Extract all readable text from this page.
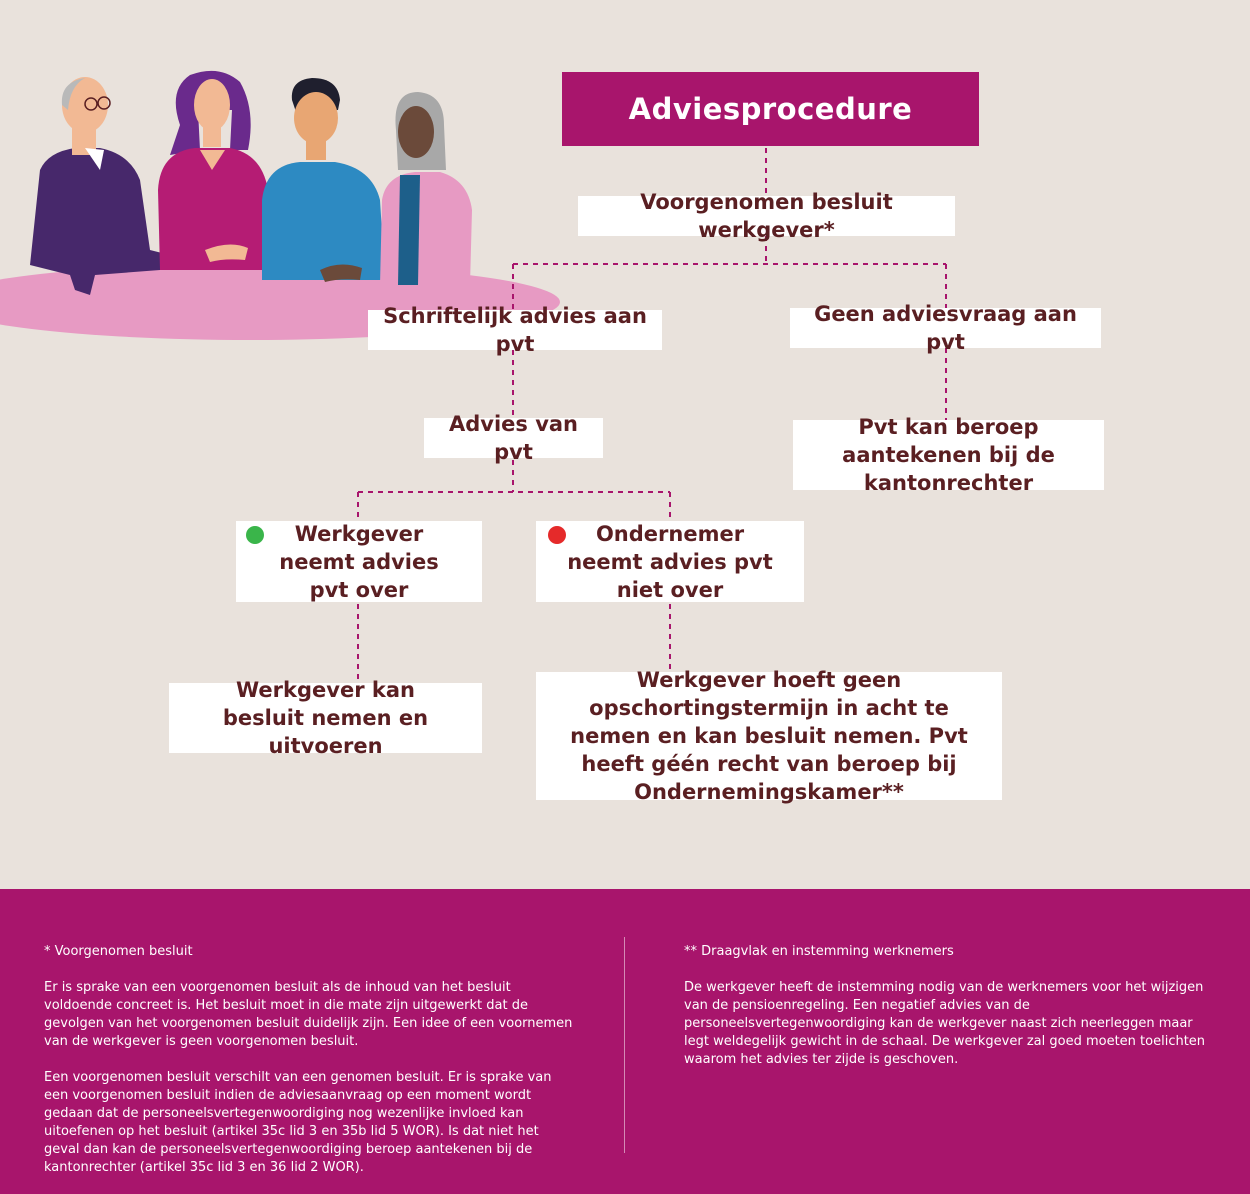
Adviesprocedure
Voorgenomen besluit werkgever*
Schriftelijk advies aan pvt
Geen adviesvraag aan pvt
Advies van pvt
Pvt kan beroep aantekenen bij de kantonrechter
Werkgever neemt advies pvt over
Ondernemer neemt advies pvt niet over
Werkgever kan besluit nemen en uitvoeren
Werkgever hoeft geen opschortingstermijn in acht te nemen en kan besluit nemen. Pvt heeft géén recht van beroep bij Ondernemingskamer**

* Voorgenomen besluit

Er is sprake van een voorgenomen besluit als de inhoud van het besluit
voldoende concreet is. Het besluit moet in die mate zijn uitgewerkt dat de
gevolgen van het voorgenomen besluit duidelijk zijn. Een idee of een voornemen
van de werkgever is geen voorgenomen besluit.

Een voorgenomen besluit verschilt van een genomen besluit. Er is sprake van
een voorgenomen besluit indien de adviesaanvraag op een moment wordt
gedaan dat de personeelsvertegenwoordiging nog wezenlijke invloed kan
uitoefenen op het besluit (artikel 35c lid 3 en 35b lid 5 WOR). Is dat niet het
geval dan kan de personeelsvertegenwoordiging beroep aantekenen bij de
kantonrechter (artikel 35c lid 3 en 36 lid 2 WOR).

** Draagvlak en instemming werknemers

De werkgever heeft de instemming nodig van de werknemers voor het wijzigen
van de pensioenregeling. Een negatief advies van de
personeelsvertegenwoordiging kan de werkgever naast zich neerleggen maar
legt weldegelijk gewicht in de schaal. De werkgever zal goed moeten toelichten
waarom het advies ter zijde is geschoven.
